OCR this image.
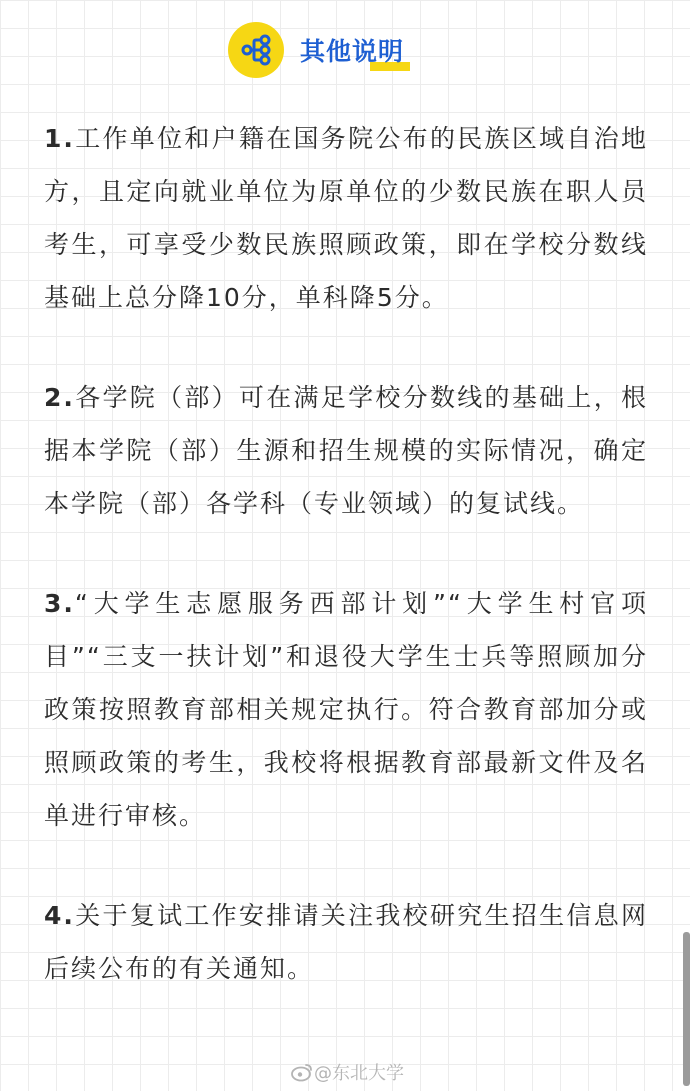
其他说明
1.工作单位和户籍在国务院公布的民族区域自治地方，且定向就业单位为原单位的少数民族在职人员考生，可享受少数民族照顾政策，即在学校分数线基础上总分降10分，单科降5分。
2.各学院（部）可在满足学校分数线的基础上，根据本学院（部）生源和招生规模的实际情况，确定本学院（部）各学科（专业领域）的复试线。
3.“大学生志愿服务西部计划”“大学生村官项目”“三支一扶计划”和退役大学生士兵等照顾加分政策按照教育部相关规定执行。符合教育部加分或照顾政策的考生，我校将根据教育部最新文件及名单进行审核。
4.关于复试工作安排请关注我校研究生招生信息网后续公布的有关通知。
@东北大学
